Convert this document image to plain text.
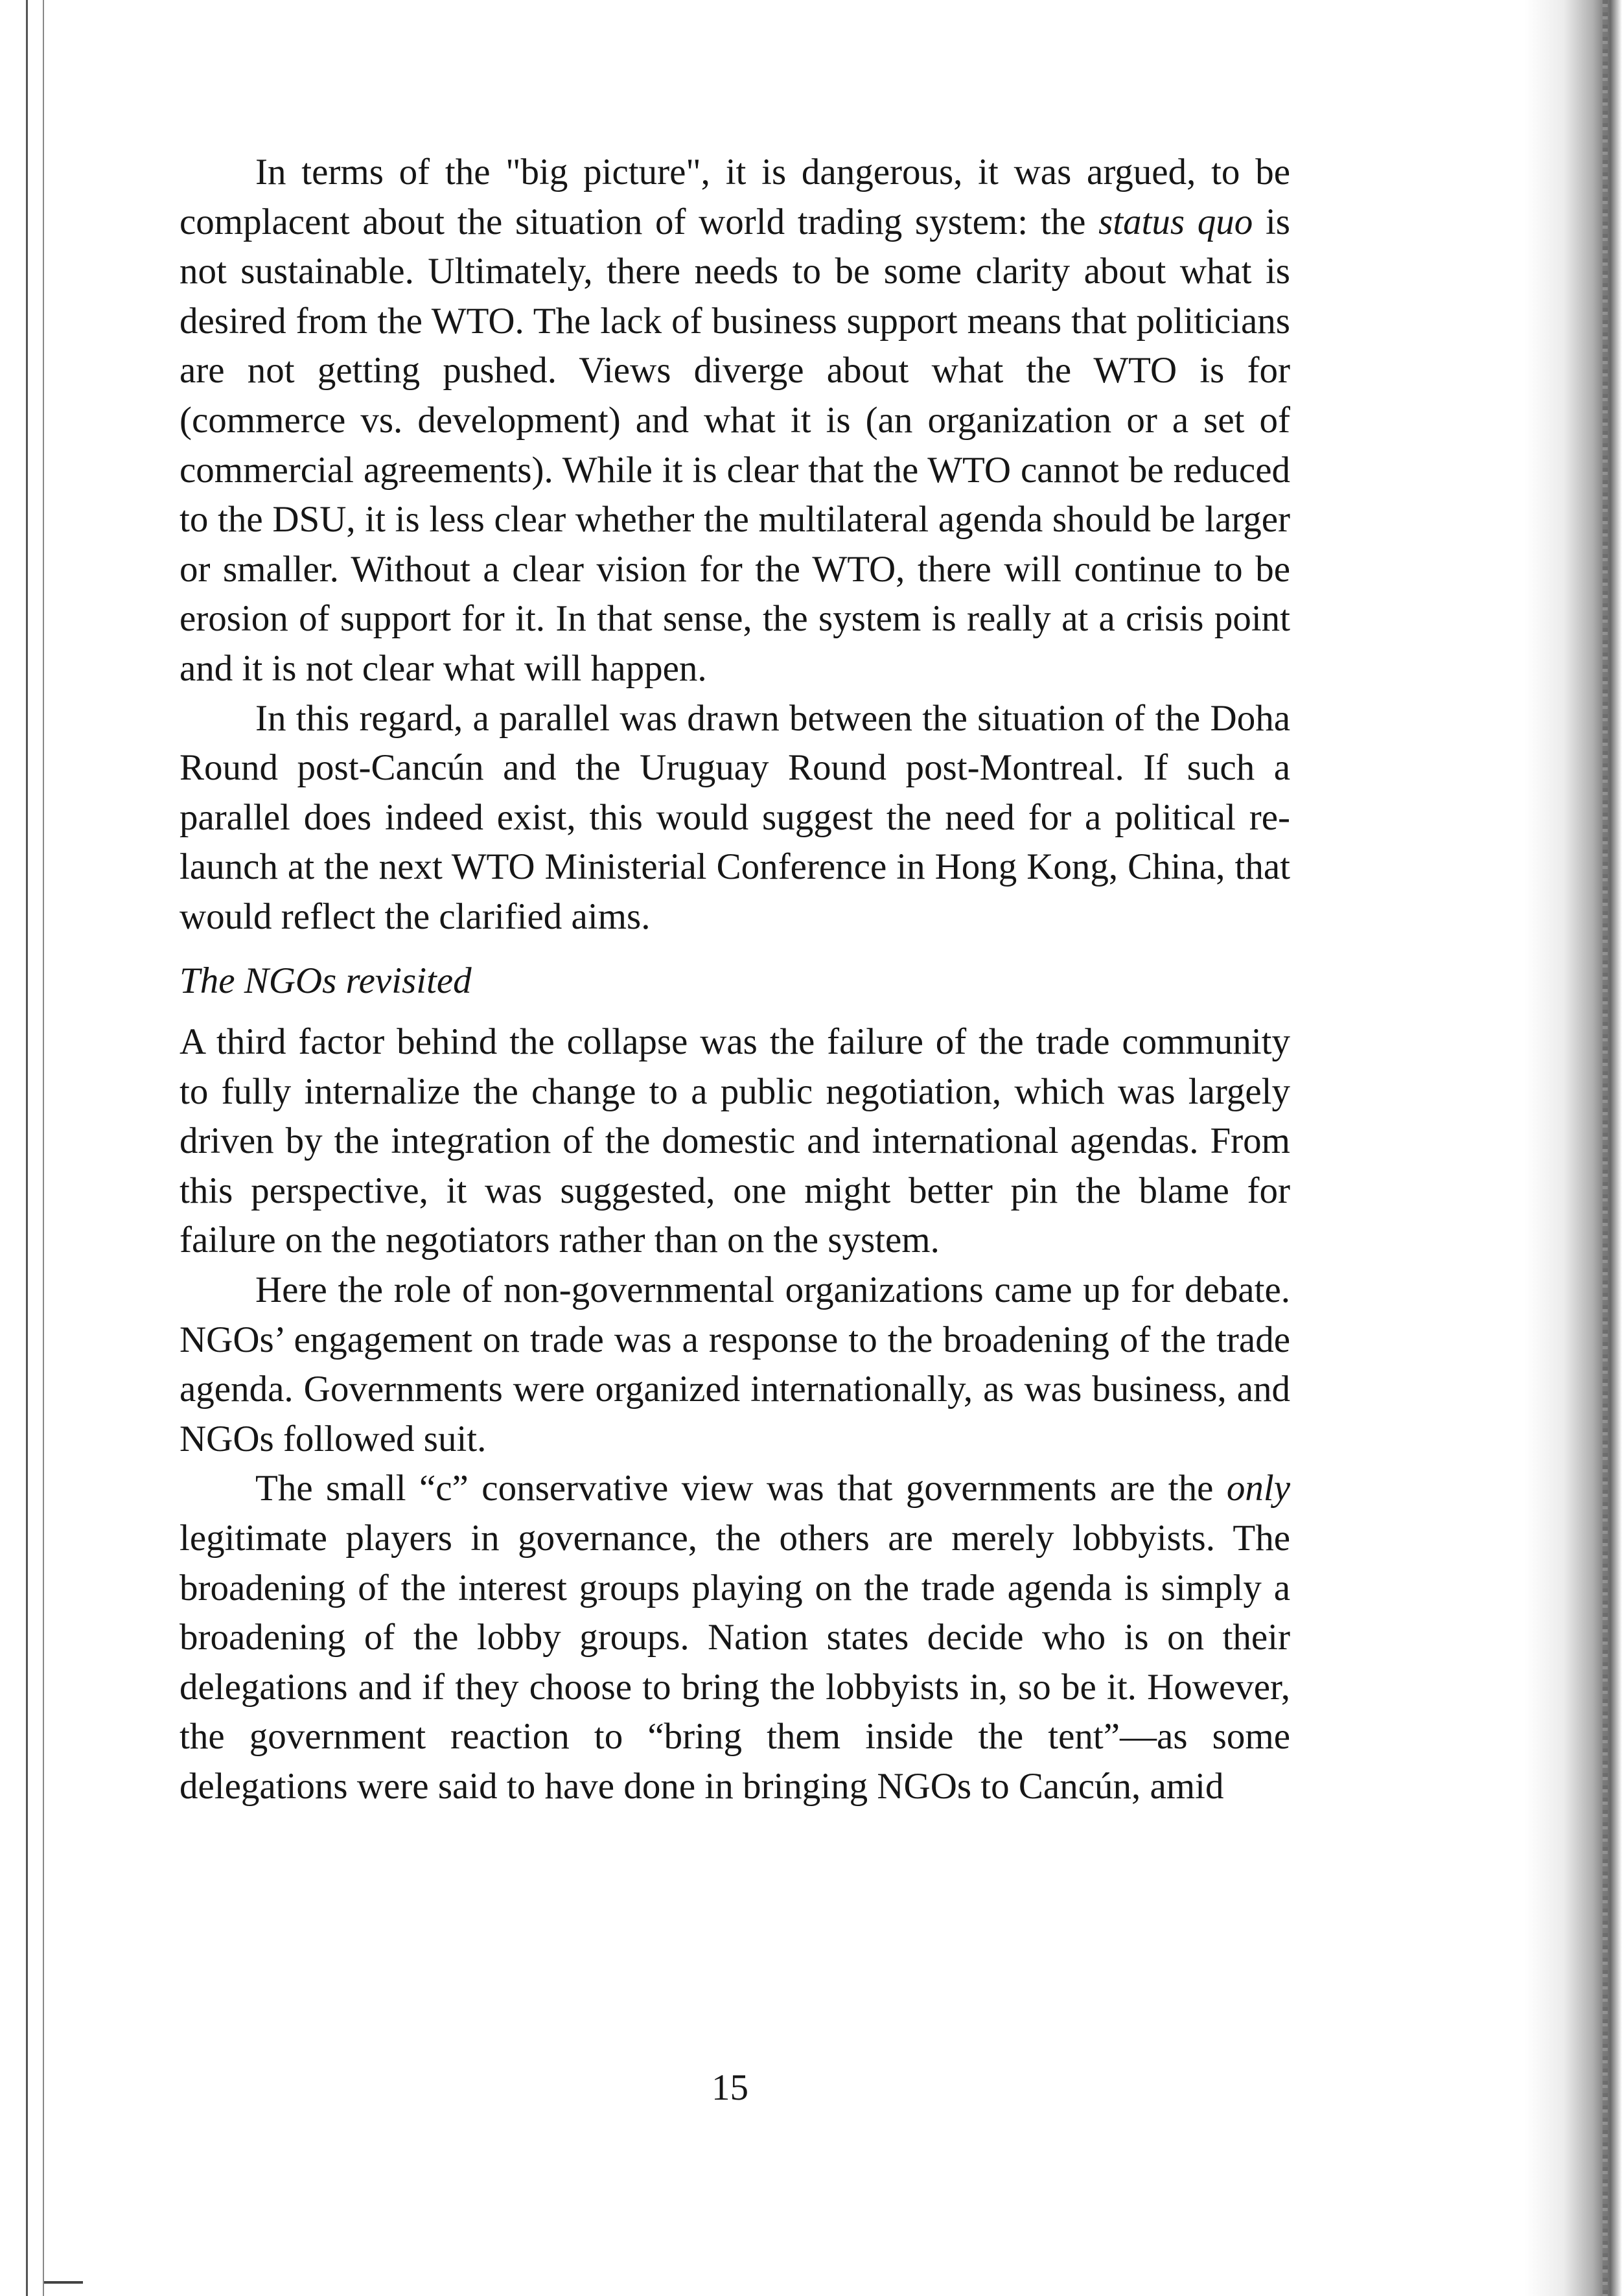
In terms of the "big picture", it is dangerous, it was argued, to be complacent about the situation of world trading system: the status quo is not sustainable. Ultimately, there needs to be some clarity about what is desired from the WTO. The lack of business support means that politicians are not getting pushed. Views diverge about what the WTO is for (commerce vs. development) and what it is (an organization or a set of commercial agreements). While it is clear that the WTO cannot be reduced to the DSU, it is less clear whether the multilateral agenda should be larger or smaller. Without a clear vision for the WTO, there will continue to be erosion of support for it. In that sense, the system is really at a crisis point and it is not clear what will happen.

In this regard, a parallel was drawn between the situation of the Doha Round post-Cancún and the Uruguay Round post-Montreal. If such a parallel does indeed exist, this would suggest the need for a political re-launch at the next WTO Ministerial Conference in Hong Kong, China, that would reflect the clarified aims.

The NGOs revisited

A third factor behind the collapse was the failure of the trade community to fully internalize the change to a public negotiation, which was largely driven by the integration of the domestic and international agendas. From this perspective, it was suggested, one might better pin the blame for failure on the negotiators rather than on the system.

Here the role of non-governmental organizations came up for debate. NGOs’ engagement on trade was a response to the broadening of the trade agenda. Governments were organized internationally, as was business, and NGOs followed suit.

The small “c” conservative view was that governments are the only legitimate players in governance, the others are merely lobbyists. The broadening of the interest groups playing on the trade agenda is simply a broadening of the lobby groups. Nation states decide who is on their delegations and if they choose to bring the lobbyists in, so be it. However, the government reaction to “bring them inside the tent”—as some delegations were said to have done in bringing NGOs to Cancún, amid

15
